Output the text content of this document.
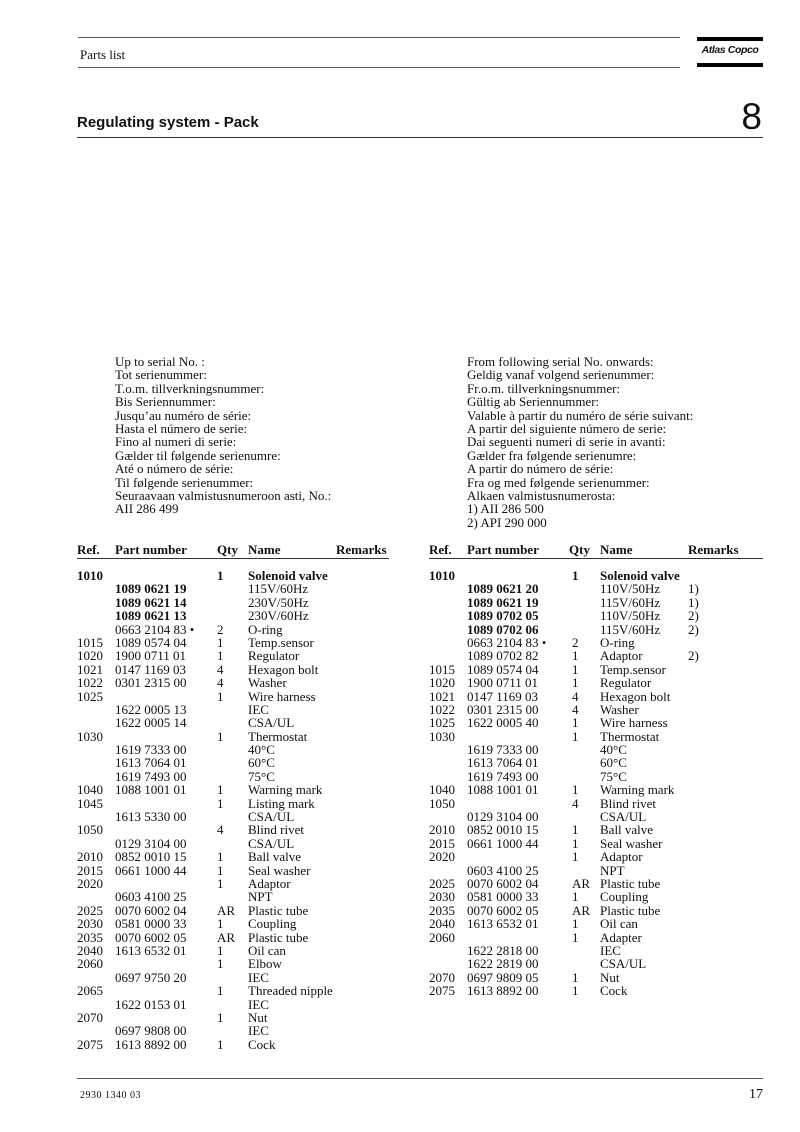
Parts list	Atlas Copco
Regulating system - Pack	8
Up to serial No. :
Tot serienummer:
T.o.m. tillverkningsnummer:
Bis Seriennummer:
Jusqu’au numéro de série:
Hasta el número de serie:
Fino al numeri di serie:
Gælder til følgende serienumre:
Até o número de série:
Til følgende serienummer:
Seuraavaan valmistusnumeroon asti, No.:
AII 286 499
From following serial No. onwards:
Geldig vanaf volgend serienummer:
Fr.o.m. tillverkningsnummer:
Gültig ab Seriennummer:
Valable à partir du numéro de série suivant:
A partir del siguiente número de serie:
Dai seguenti numeri di serie in avanti:
Gælder fra følgende serienumre:
A partir do número de série:
Fra og med følgende serienummer:
Alkaen valmistusnumerosta:
1) AII 286 500
2) API 290 000
Ref. Part number Qty Name	Remarks
1010	1 Solenoid valve
1089 0621 19	115V/60Hz
1089 0621 14	230V/50Hz
1089 0621 13	230V/60Hz
0663 2104 83 • 2 O-ring
1015 1089 0574 04 1 Temp.sensor
1020 1900 0711 01 1 Regulator
1021 0147 1169 03 4 Hexagon bolt
1022 0301 2315 00 4 Washer
1025	1 Wire harness
1622 0005 13	IEC
1622 0005 14	CSA/UL
1030	1 Thermostat
1619 7333 00	40°C
1613 7064 01	60°C
1619 7493 00	75°C
1040 1088 1001 01 1 Warning mark
1045	1 Listing mark
1613 5330 00	CSA/UL
1050	4 Blind rivet
0129 3104 00	CSA/UL
2010 0852 0010 15 1 Ball valve
2015 0661 1000 44 1 Seal washer
2020	1 Adaptor
0603 4100 25	NPT
2025 0070 6002 04 AR Plastic tube
2030 0581 0000 33 1 Coupling
2035 0070 6002 05 AR Plastic tube
2040 1613 6532 01 1 Oil can
2060	1 Elbow
0697 9750 20	IEC
2065	1 Threaded nipple
1622 0153 01	IEC
2070	1 Nut
0697 9808 00	IEC
2075 1613 8892 00 1 Cock
Ref. Part number Qty Name	Remarks
1010	1 Solenoid valve
1089 0621 20	110V/50Hz 1)
1089 0621 19	115V/60Hz 1)
1089 0702 05	110V/50Hz 2)
1089 0702 06	115V/60Hz 2)
0663 2104 83 • 2 O-ring
1089 0702 82	1 Adaptor	2)
1015 1089 0574 04	1 Temp.sensor
1020 1900 0711 01	1 Regulator
1021 0147 1169 03	4 Hexagon bolt
1022 0301 2315 00	4 Washer
1025 1622 0005 40	1 Wire harness
1030	1 Thermostat
1619 7333 00	40°C
1613 7064 01	60°C
1619 7493 00	75°C
1040 1088 1001 01	1 Warning mark
1050	4 Blind rivet
0129 3104 00	CSA/UL
2010 0852 0010 15	1 Ball valve
2015 0661 1000 44	1 Seal washer
2020	1 Adaptor
0603 4100 25	NPT
2025 0070 6002 04	AR Plastic tube
2030 0581 0000 33	1 Coupling
2035 0070 6002 05	AR Plastic tube
2040 1613 6532 01	1 Oil can
2060	1 Adapter
1622 2818 00	IEC
1622 2819 00	CSA/UL
2070 0697 9809 05	1 Nut
2075 1613 8892 00	1 Cock
2930 1340 03	17
